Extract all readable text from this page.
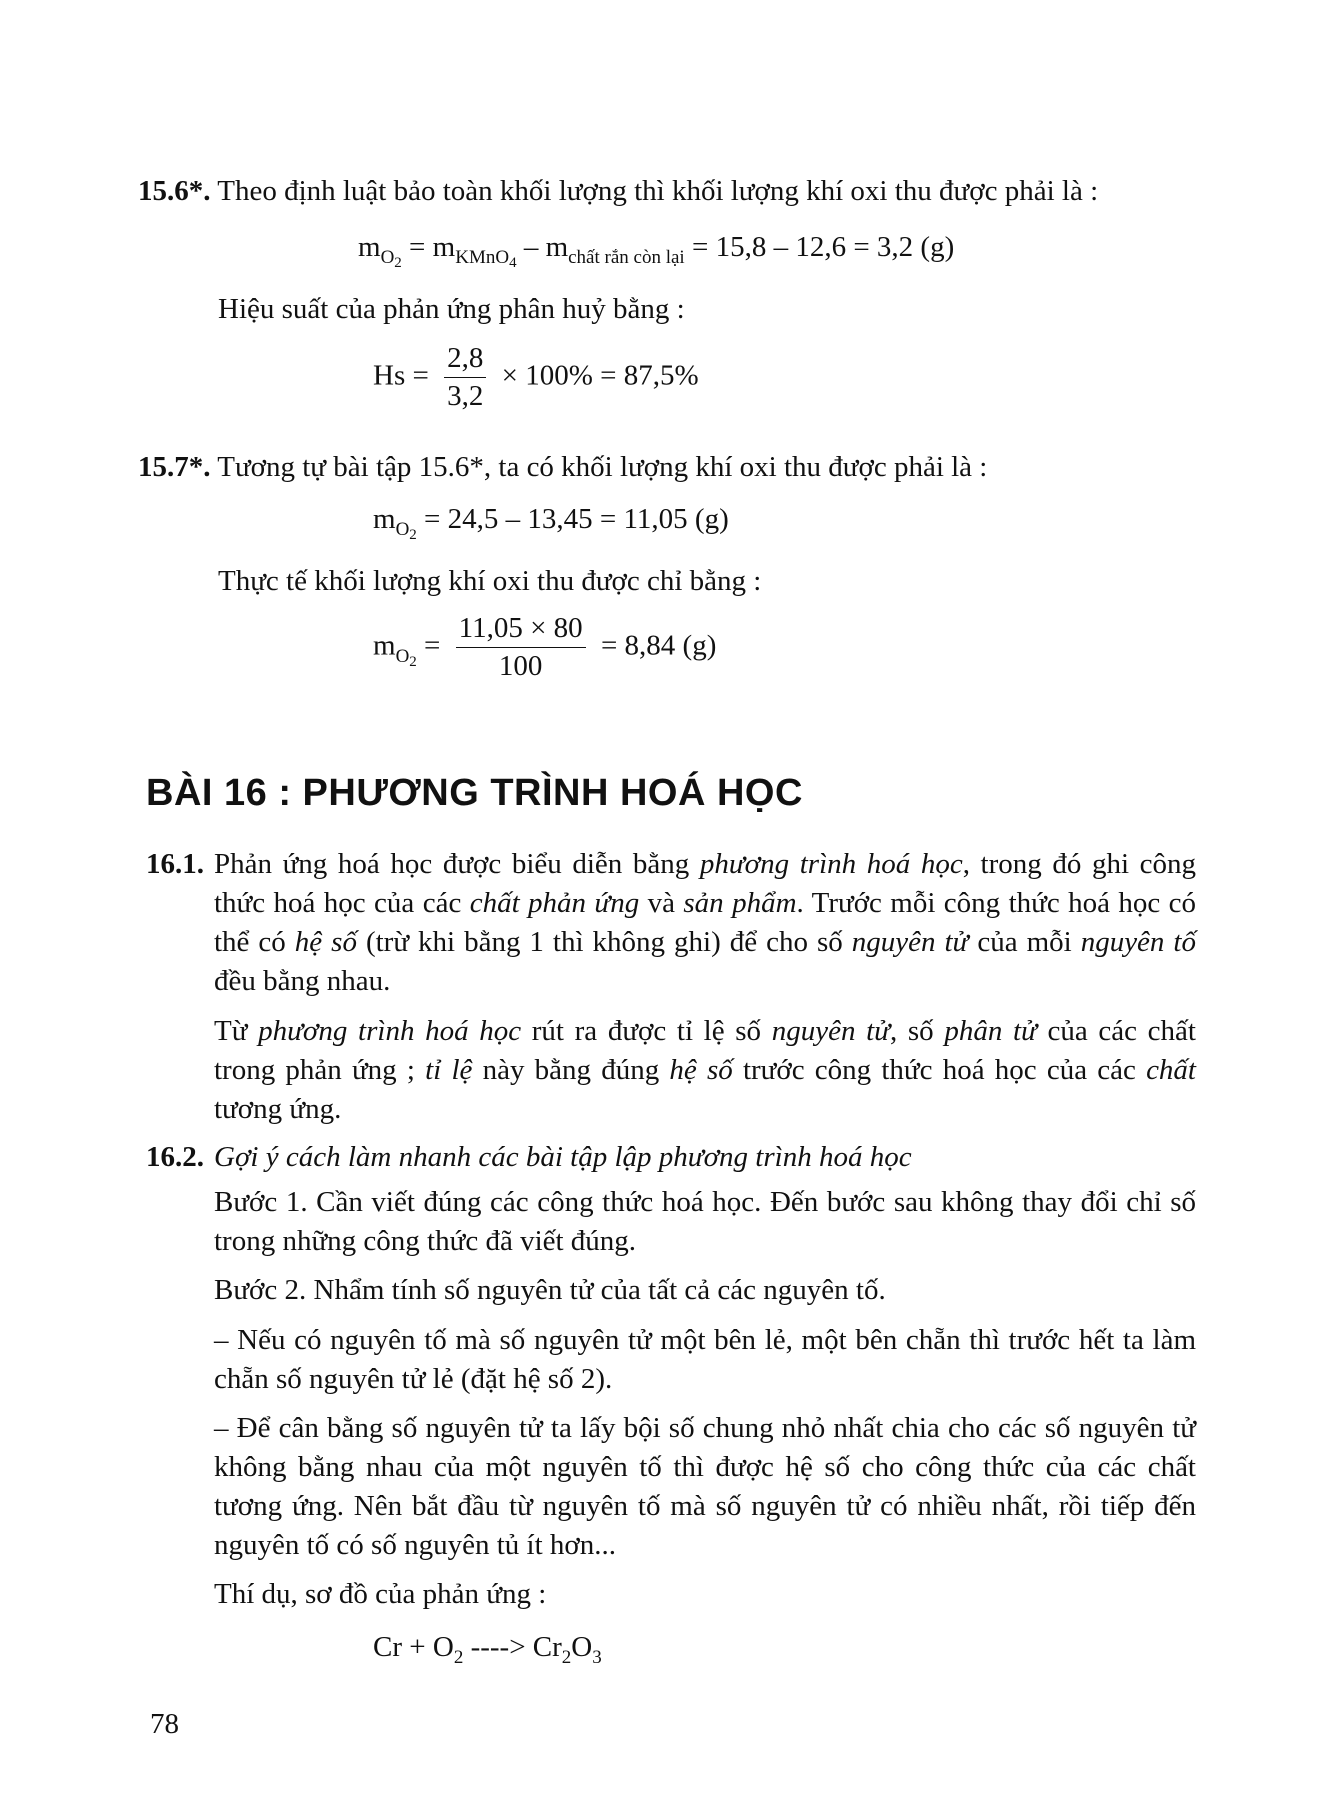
15.6*. Theo định luật bảo toàn khối lượng thì khối lượng khí oxi thu được phải là :
$m_{O_2} = m_{KMnO_4} - m_{chất rắn còn lại} = 15,8 - 12,6 = 3,2$ (g)
Hiệu suất của phản ứng phân huỷ bằng :
$Hs = \frac{2,8}{3,2} \times 100\% = 87,5\%$
15.7*. Tương tự bài tập 15.6*, ta có khối lượng khí oxi thu được phải là :
$m_{O_2} = 24,5 - 13,45 = 11,05$ (g)
Thực tế khối lượng khí oxi thu được chỉ bằng :
$m_{O_2} = \frac{11,05 \times 80}{100} = 8,84$ (g)
BÀI 16 : PHƯƠNG TRÌNH HOÁ HỌC
16.1. Phản ứng hoá học được biểu diễn bằng phương trình hoá học, trong đó ghi công thức hoá học của các chất phản ứng và sản phẩm. Trước mỗi công thức hoá học có thể có hệ số (trừ khi bằng 1 thì không ghi) để cho số nguyên tử của mỗi nguyên tố đều bằng nhau.
Từ phương trình hoá học rút ra được tỉ lệ số nguyên tử, số phân tử của các chất trong phản ứng ; tỉ lệ này bằng đúng hệ số trước công thức hoá học của các chất tương ứng.
16.2. Gợi ý cách làm nhanh các bài tập lập phương trình hoá học
Bước 1. Cần viết đúng các công thức hoá học. Đến bước sau không thay đổi chỉ số trong những công thức đã viết đúng.
Bước 2. Nhẩm tính số nguyên tử của tất cả các nguyên tố.
– Nếu có nguyên tố mà số nguyên tử một bên lẻ, một bên chẵn thì trước hết ta làm chẵn số nguyên tử lẻ (đặt hệ số 2).
– Để cân bằng số nguyên tử ta lấy bội số chung nhỏ nhất chia cho các số nguyên tử không bằng nhau của một nguyên tố thì được hệ số cho công thức của các chất tương ứng. Nên bắt đầu từ nguyên tố mà số nguyên tử có nhiều nhất, rồi tiếp đến nguyên tố có số nguyên tủ ít hơn...
Thí dụ, sơ đồ của phản ứng :
$Cr + O_2$ ----> $Cr_2O_3$
78
